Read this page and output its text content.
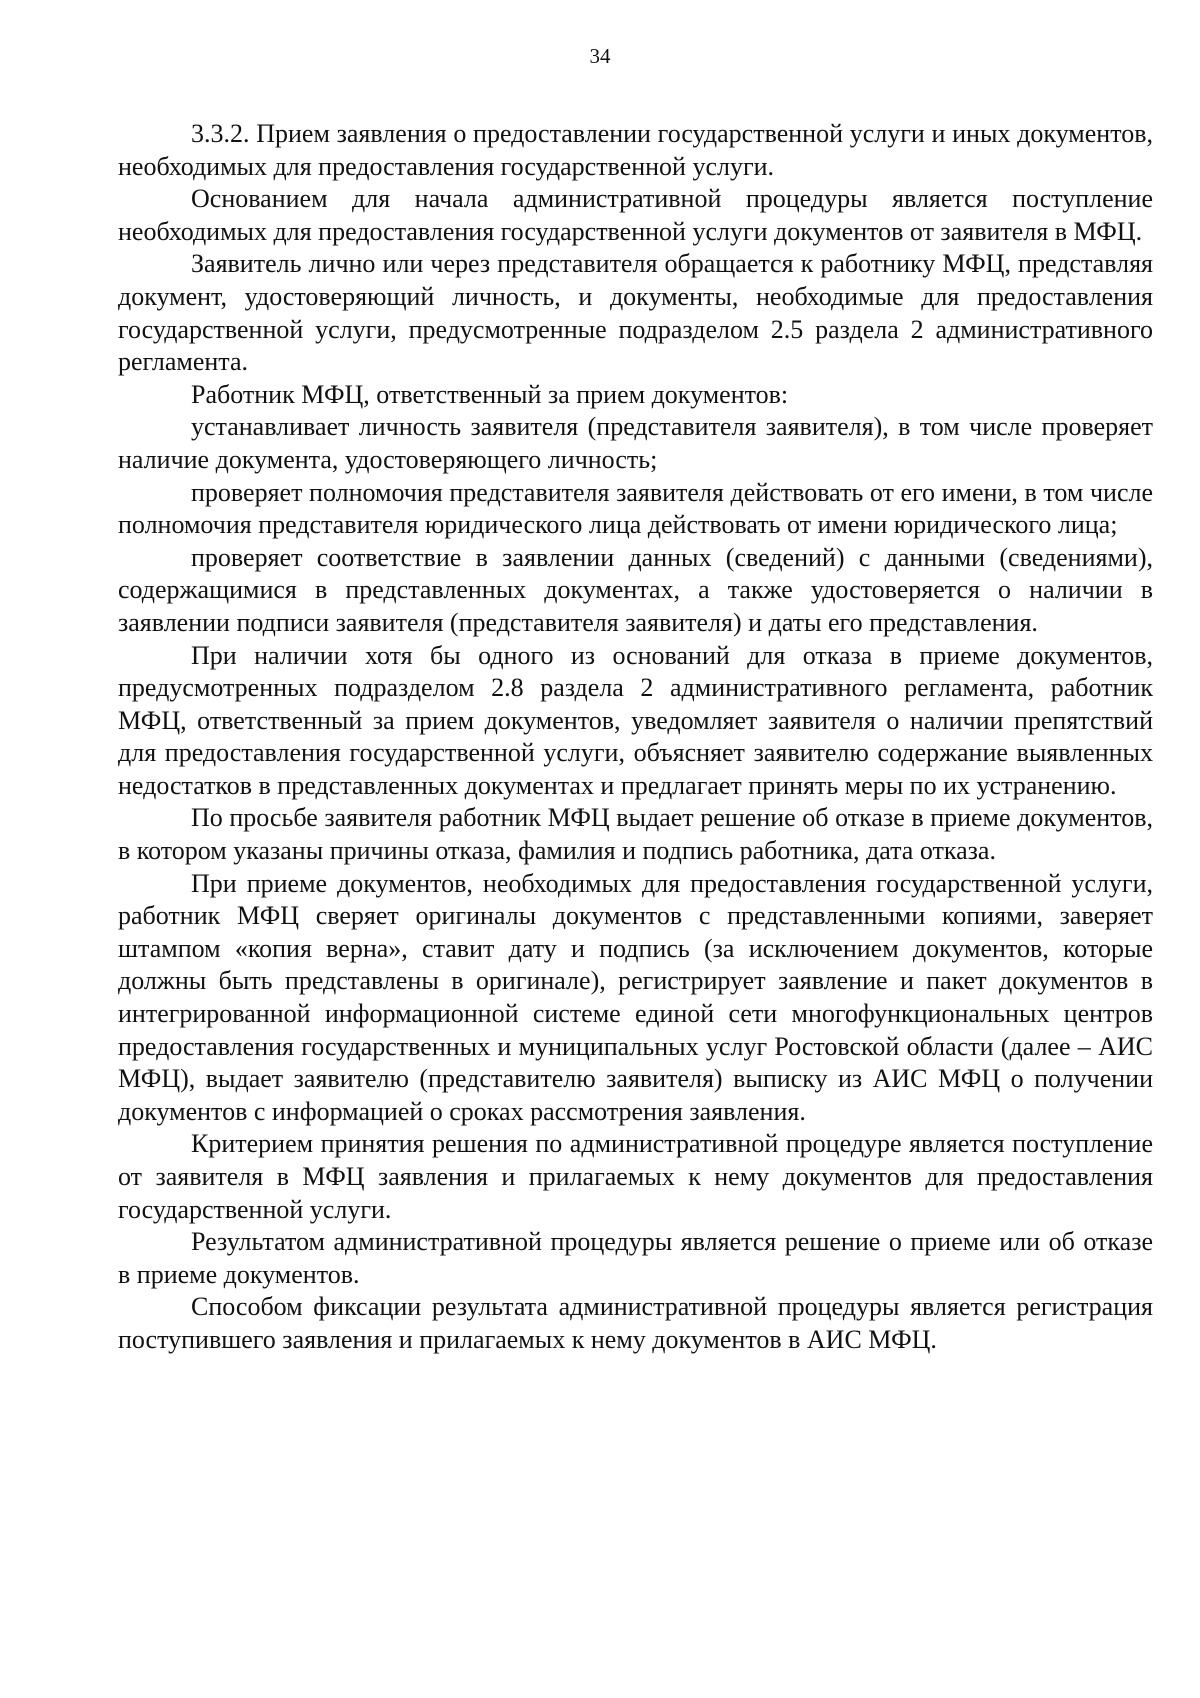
34

3.3.2. Прием заявления о предоставлении государственной услуги и иных документов, необходимых для предоставления государственной услуги.

Основанием для начала административной процедуры является поступление необходимых для предоставления государственной услуги документов от заявителя в МФЦ.

Заявитель лично или через представителя обращается к работнику МФЦ, представляя документ, удостоверяющий личность, и документы, необходимые для предоставления государственной услуги, предусмотренные подразделом 2.5 раздела 2 административного регламента.

Работник МФЦ, ответственный за прием документов:

устанавливает личность заявителя (представителя заявителя), в том числе проверяет наличие документа, удостоверяющего личность;

проверяет полномочия представителя заявителя действовать от его имени, в том числе полномочия представителя юридического лица действовать от имени юридического лица;

проверяет соответствие в заявлении данных (сведений) с данными (сведениями), содержащимися в представленных документах, а также удостоверяется о наличии в заявлении подписи заявителя (представителя заявителя) и даты его представления.

При наличии хотя бы одного из оснований для отказа в приеме документов, предусмотренных подразделом 2.8 раздела 2 административного регламента, работник МФЦ, ответственный за прием документов, уведомляет заявителя о наличии препятствий для предоставления государственной услуги, объясняет заявителю содержание выявленных недостатков в представленных документах и предлагает принять меры по их устранению.

По просьбе заявителя работник МФЦ выдает решение об отказе в приеме документов, в котором указаны причины отказа, фамилия и подпись работника, дата отказа.

При приеме документов, необходимых для предоставления государственной услуги, работник МФЦ сверяет оригиналы документов с представленными копиями, заверяет штампом «копия верна», ставит дату и подпись (за исключением документов, которые должны быть представлены в оригинале), регистрирует заявление и пакет документов в интегрированной информационной системе единой сети многофункциональных центров предоставления государственных и муниципальных услуг Ростовской области (далее – АИС МФЦ), выдает заявителю (представителю заявителя) выписку из АИС МФЦ о получении документов с информацией о сроках рассмотрения заявления.

Критерием принятия решения по административной процедуре является поступление от заявителя в МФЦ заявления и прилагаемых к нему документов для предоставления государственной услуги.

Результатом административной процедуры является решение о приеме или об отказе в приеме документов.

Способом фиксации результата административной процедуры является регистрация поступившего заявления и прилагаемых к нему документов в АИС МФЦ.
